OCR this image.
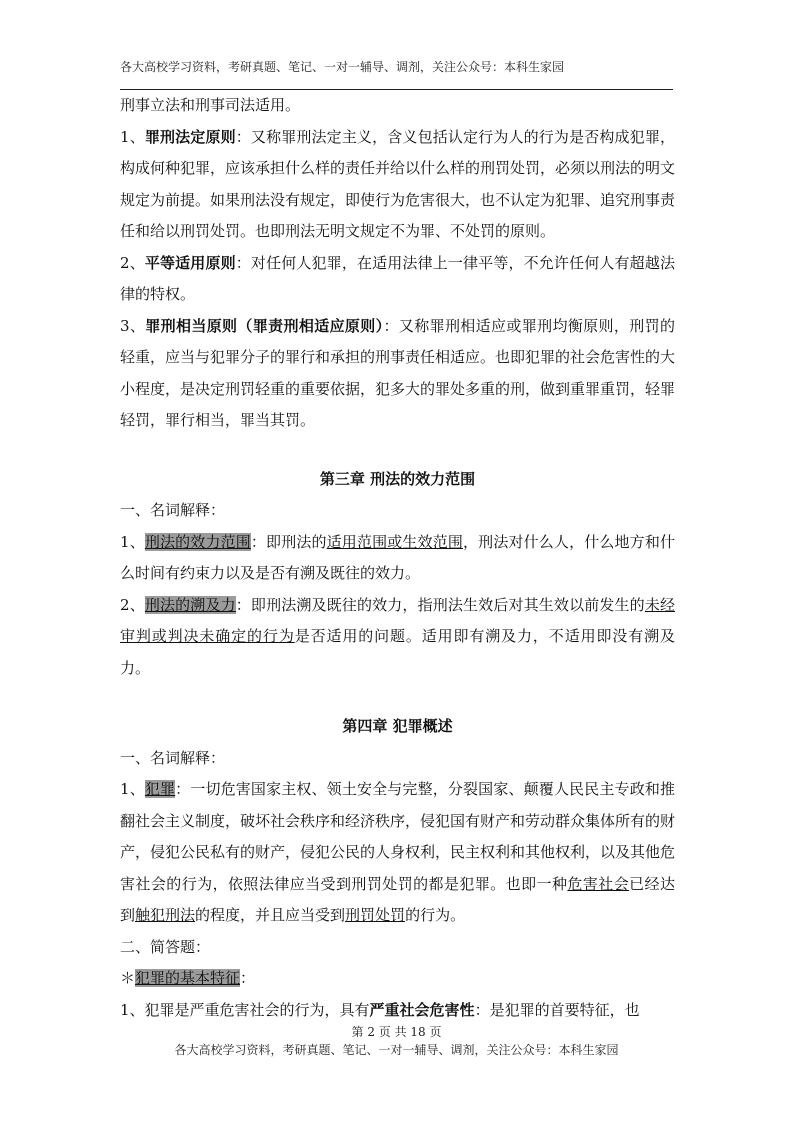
各大高校学习资料，考研真题、笔记、一对一辅导、调剂，关注公众号：本科生家园

刑事立法和刑事司法适用。

1、罪刑法定原则：又称罪刑法定主义，含义包括认定行为人的行为是否构成犯罪，构成何种犯罪，应该承担什么样的责任并给以什么样的刑罚处罚，必须以刑法的明文规定为前提。如果刑法没有规定，即使行为危害很大，也不认定为犯罪、追究刑事责任和给以刑罚处罚。也即刑法无明文规定不为罪、不处罚的原则。

2、平等适用原则：对任何人犯罪，在适用法律上一律平等，不允许任何人有超越法律的特权。

3、罪刑相当原则（罪责刑相适应原则）：又称罪刑相适应或罪刑均衡原则，刑罚的轻重，应当与犯罪分子的罪行和承担的刑事责任相适应。也即犯罪的社会危害性的大小程度，是决定刑罚轻重的重要依据，犯多大的罪处多重的刑，做到重罪重罚，轻罪轻罚，罪行相当，罪当其罚。

第三章 刑法的效力范围

一、名词解释：

1、刑法的效力范围：即刑法的适用范围或生效范围，刑法对什么人，什么地方和什么时间有约束力以及是否有溯及既往的效力。

2、刑法的溯及力：即刑法溯及既往的效力，指刑法生效后对其生效以前发生的未经审判或判决未确定的行为是否适用的问题。适用即有溯及力，不适用即没有溯及力。

第四章 犯罪概述

一、名词解释：

1、犯罪：一切危害国家主权、领土安全与完整，分裂国家、颠覆人民民主专政和推翻社会主义制度，破坏社会秩序和经济秩序，侵犯国有财产和劳动群众集体所有的财产，侵犯公民私有的财产，侵犯公民的人身权利，民主权利和其他权利，以及其他危害社会的行为，依照法律应当受到刑罚处罚的都是犯罪。也即一种危害社会已经达到触犯刑法的程度，并且应当受到刑罚处罚的行为。

二、简答题：

＊犯罪的基本特征：

1、犯罪是严重危害社会的行为，具有严重社会危害性：是犯罪的首要特征，也

第 2 页 共 18 页
各大高校学习资料，考研真题、笔记、一对一辅导、调剂，关注公众号：本科生家园
